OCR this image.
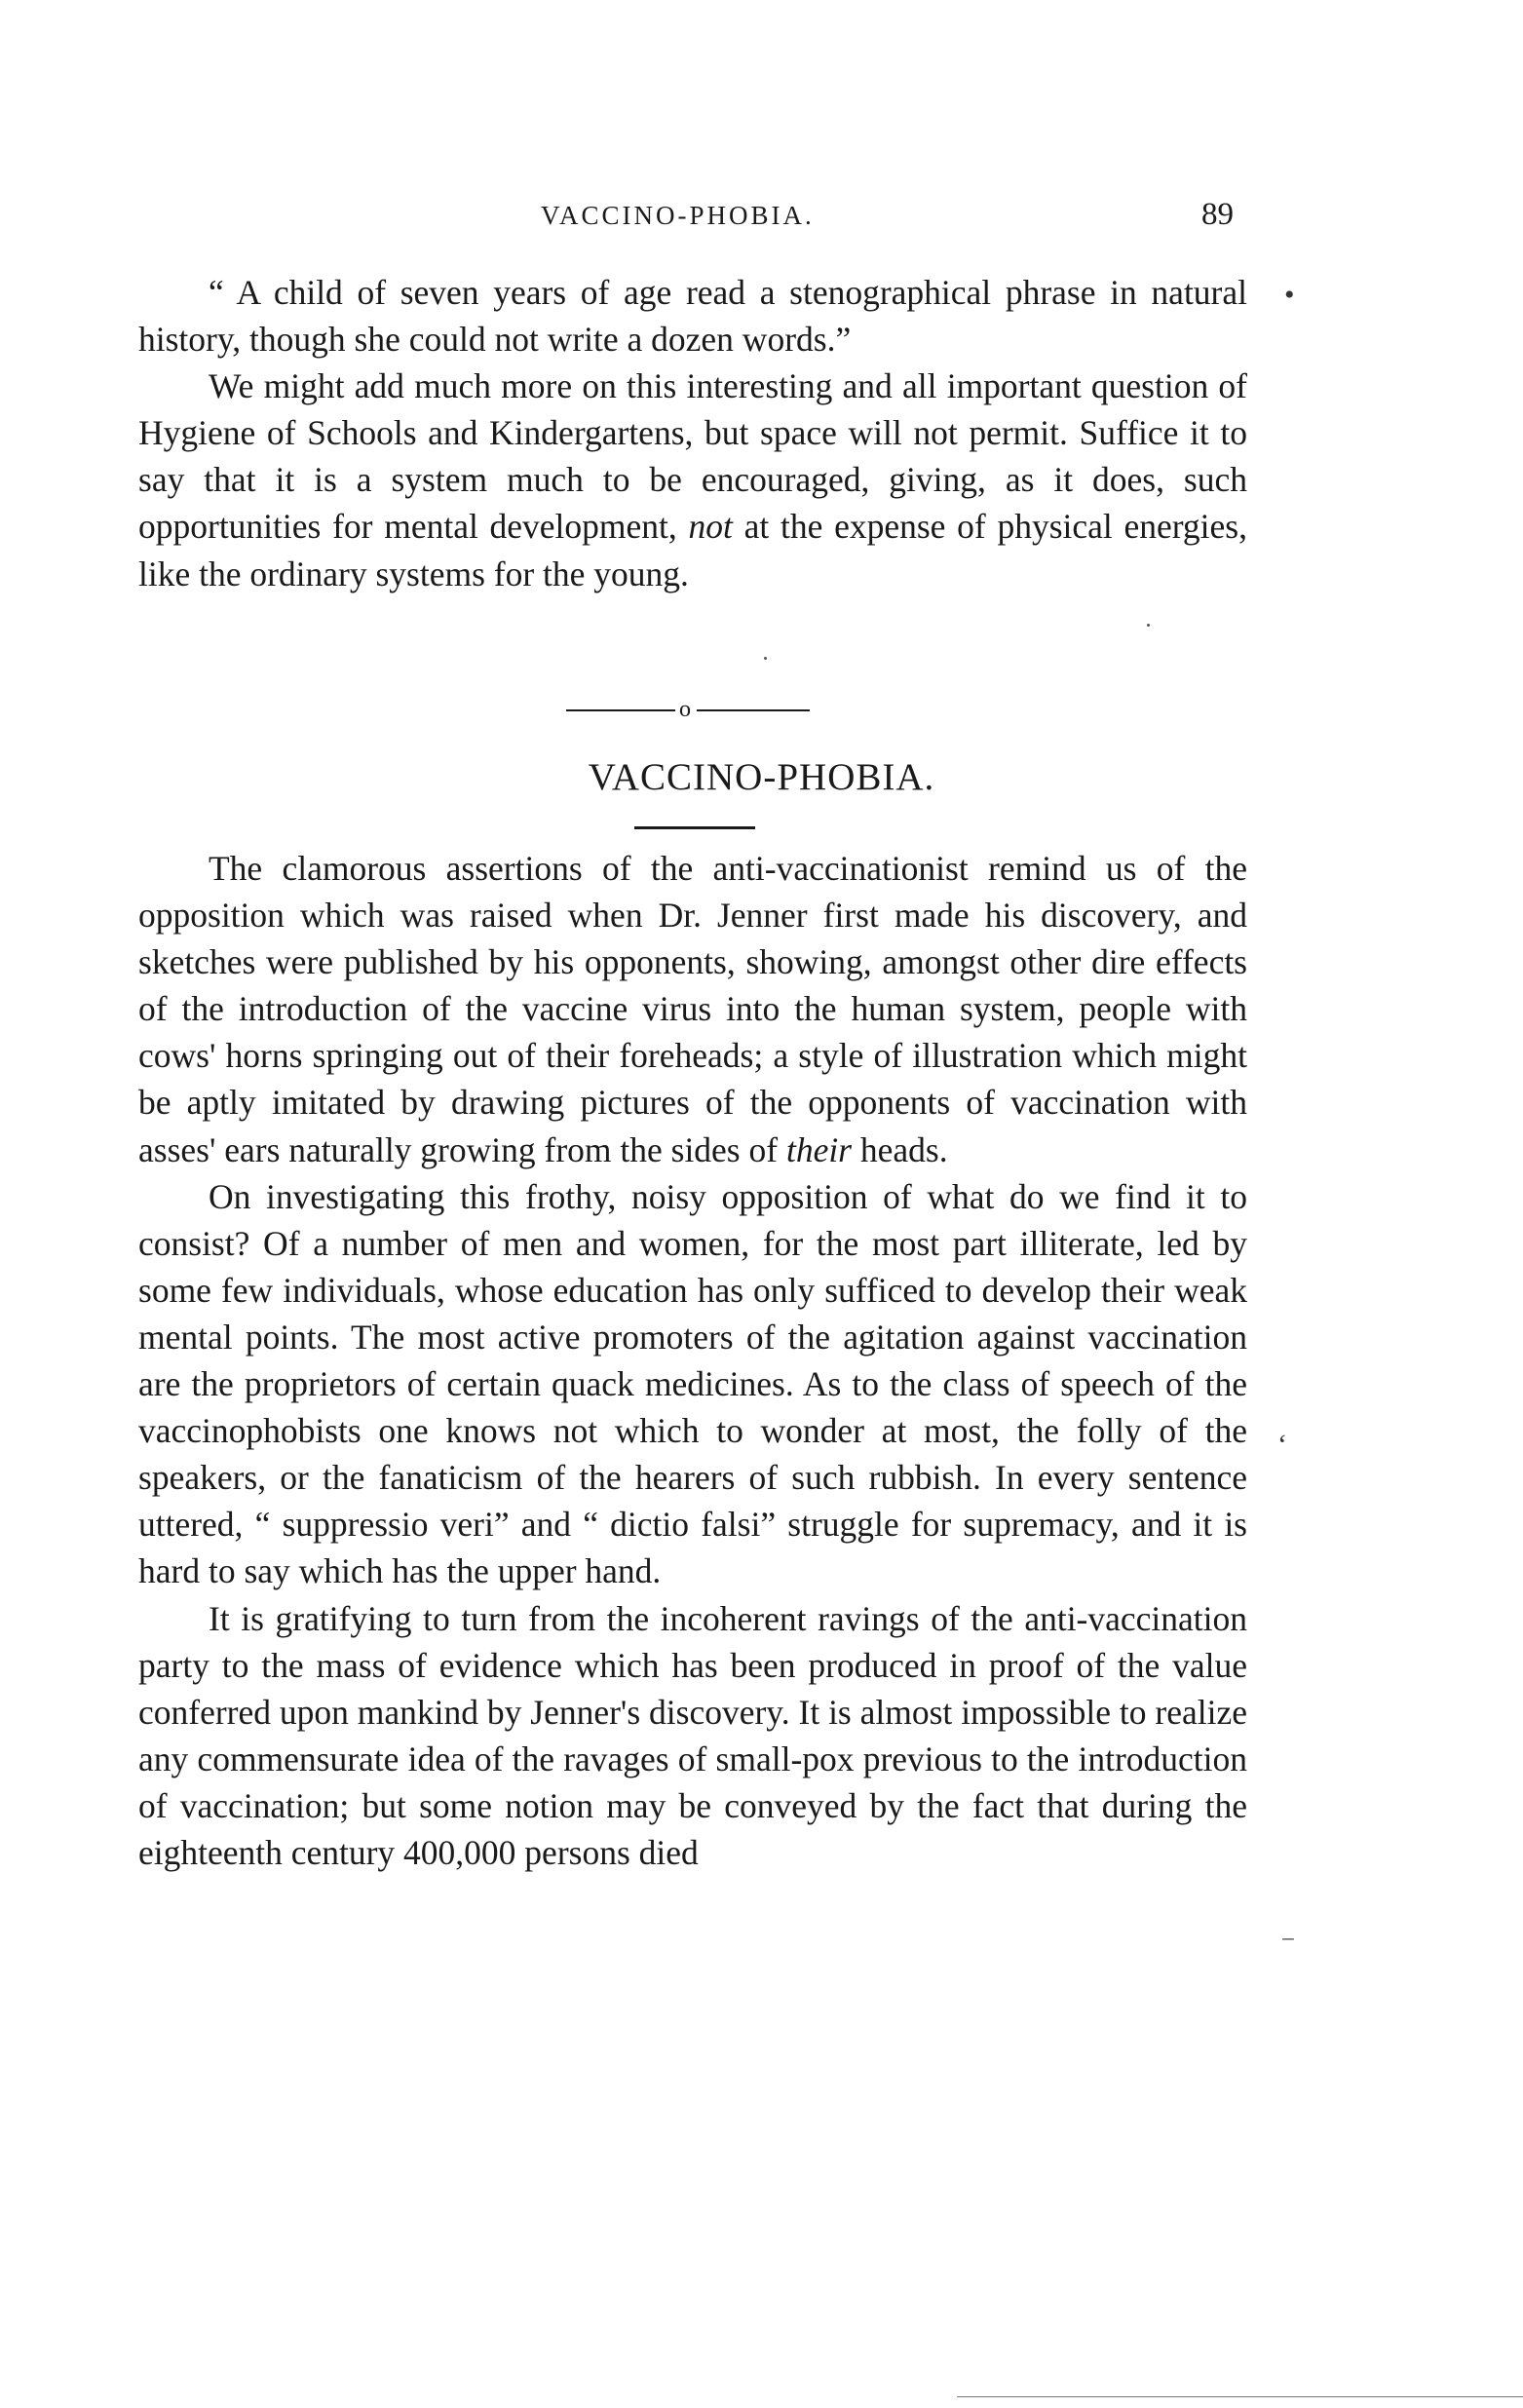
VACCINO-PHOBIA.	89

“ A child of seven years of age read a stenographical phrase in natural history, though she could not write a dozen words.”

We might add much more on this interesting and all important question of Hygiene of Schools and Kindergartens, but space will not permit. Suffice it to say that it is a system much to be encouraged, giving, as it does, such opportunities for mental development, not at the expense of physical energies, like the ordinary systems for the young.

o
VACCINO-PHOBIA.

The clamorous assertions of the anti-vaccinationist remind us of the opposition which was raised when Dr. Jenner first made his discovery, and sketches were published by his opponents, showing, amongst other dire effects of the introduction of the vaccine virus into the human system, people with cows' horns springing out of their foreheads; a style of illustration which might be aptly imitated by drawing pictures of the opponents of vaccination with asses' ears naturally growing from the sides of their heads.

On investigating this frothy, noisy opposition of what do we find it to consist? Of a number of men and women, for the most part illiterate, led by some few individuals, whose education has only sufficed to develop their weak mental points. The most active promoters of the agitation against vaccination are the proprietors of certain quack medicines. As to the class of speech of the vaccinophobists one knows not which to wonder at most, the folly of the speakers, or the fanaticism of the hearers of such rubbish. In every sentence uttered, “ suppressio veri” and “ dictio falsi” struggle for supremacy, and it is hard to say which has the upper hand.

It is gratifying to turn from the incoherent ravings of the anti-vaccination party to the mass of evidence which has been produced in proof of the value conferred upon mankind by Jenner's discovery. It is almost impossible to realize any commensurate idea of the ravages of small-pox previous to the introduction of vaccination; but some notion may be conveyed by the fact that during the eighteenth century 400,000 persons died

•
‘
‾
